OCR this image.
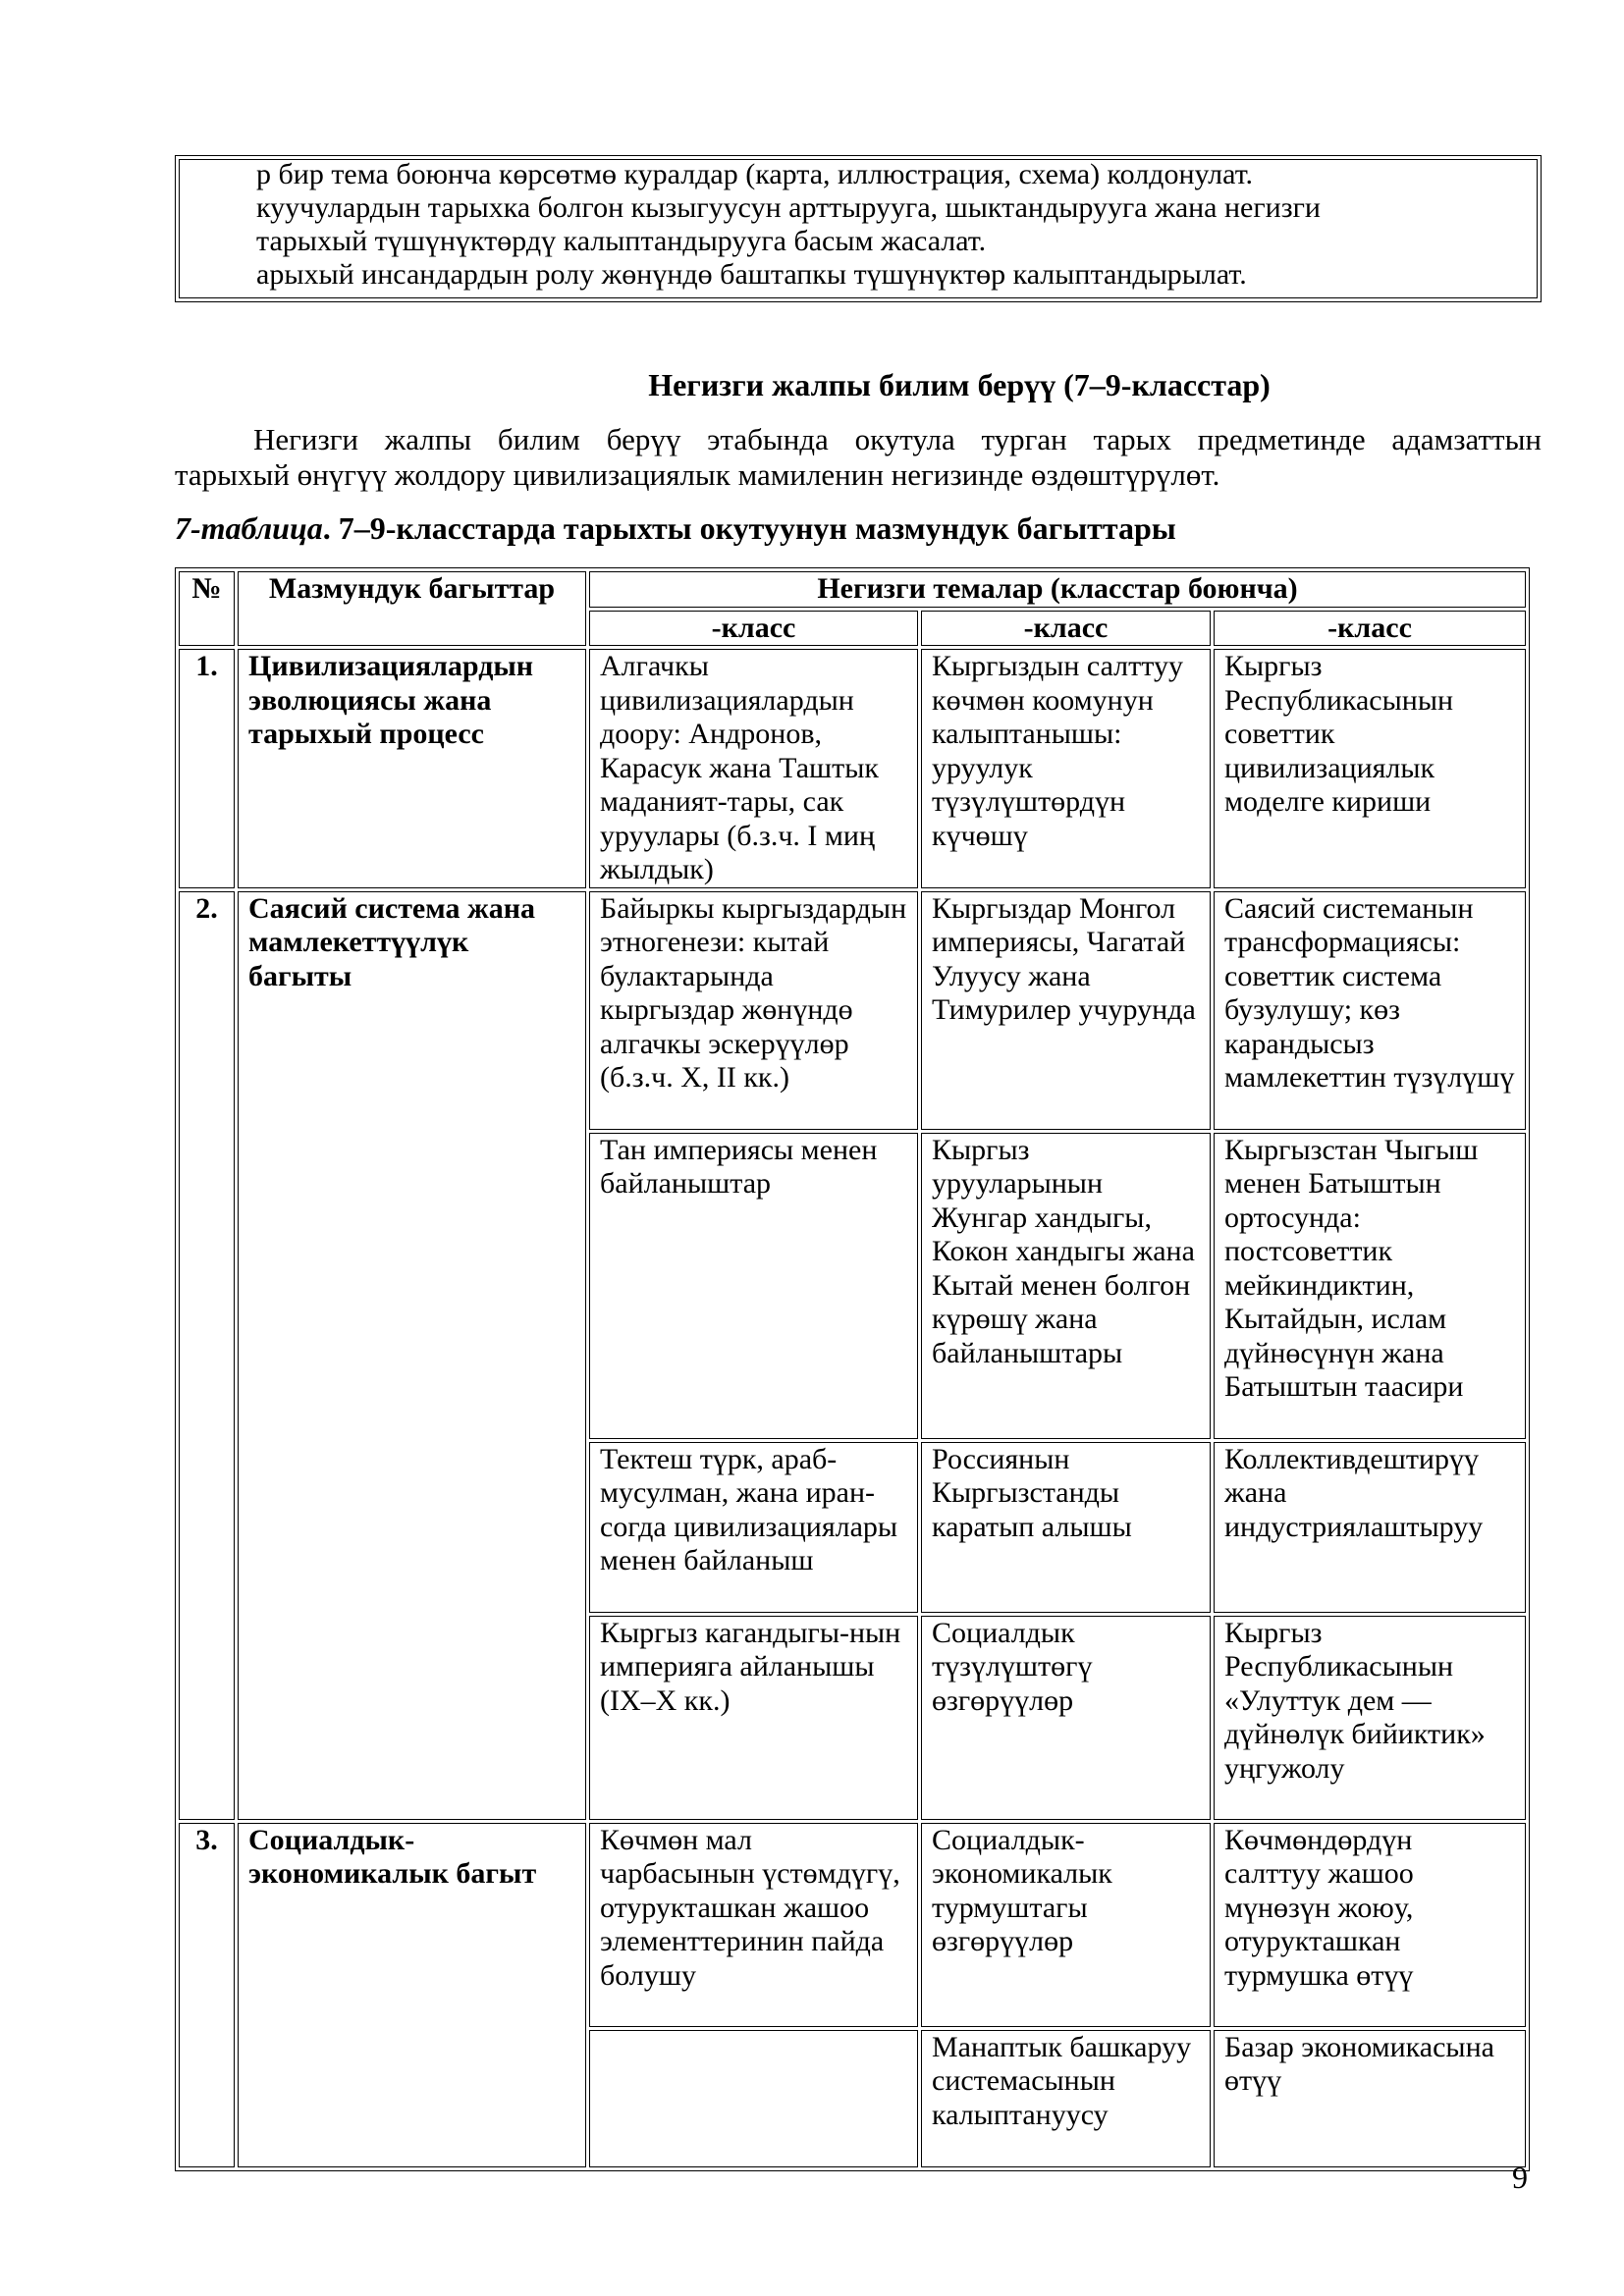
р бир тема боюнча көрсөтмө куралдар (карта, иллюстрация, схема) колдонулат.
куучулардын тарыхка болгон кызыгуусун арттырууга, шыктандырууга жана негизги
тарыхый түшүнүктөрдү калыптандырууга басым жасалат.
арыхый инсандардын ролу жөнүндө баштапкы түшүнүктөр калыптандырылат.
Негизги жалпы билим берүү (7–9-класстар)
Негизги жалпы билим берүү этабында окутула турган тарых предметинде адамзаттын
тарыхый өнүгүү жолдору цивилизациялык мамиленин негизинде өздөштүрүлөт.
7-таблица. 7–9-класстарда тарыхты окутуунун мазмундук багыттары
№	Мазмундук багыттар	Негизги темалар (класстар боюнча)		
		-класс	-класс	-класс
1.	Цивилизациялардын эволюциясы жана тарыхый процесс	Алгачкы цивилизациялардын доору: Андронов, Карасук жана Таштык маданият-тары, сак уруулары (б.з.ч. I миң жылдык)	Кыргыздын салттуу көчмөн коомунун калыптанышы: уруулук түзүлүштөрдүн күчөшү	Кыргыз Республикасынын советтик цивилизациялык моделге кириши
2.	Саясий система жана мамлекеттүүлүк багыты	Байыркы кыргыздардын этногенези: кытай булактарында кыргыздар жөнүндө алгачкы эскерүүлөр (б.з.ч. X, II кк.)	Кыргыздар Монгол империясы, Чагатай Улуусу жана Тимурилер учурунда	Саясий системанын трансформациясы: советтик система бузулушу; көз карандысыз мамлекеттин түзүлүшү
		Тан империясы менен байланыштар	Кыргыз урууларынын Жунгар хандыгы, Кокон хандыгы жана Кытай менен болгон күрөшү жана байланыштары	Кыргызстан Чыгыш менен Батыштын ортосунда: постсоветтик мейкиндиктин, Кытайдын, ислам дүйнөсүнүн жана Батыштын таасири
		Тектеш түрк, араб-мусулман, жана иран-согда цивилизациялары менен байланыш	Россиянын Кыргызстанды каратып алышы	Коллективдештирүү жана индустриялаштыруу
		Кыргыз кагандыгы-нын империяга айланышы (IX–X кк.)	Социалдык түзүлүштөгү өзгөрүүлөр	Кыргыз Республикасынын «Улуттук дем — дүйнөлүк бийиктик» уңгужолу
3.	Социалдык-экономикалык багыт	Көчмөн мал чарбасынын үстөмдүгү, отурукташкан жашоо элементтеринин пайда болушу	Социалдык-экономикалык турмуштагы өзгөрүүлөр	Көчмөндөрдүн салттуу жашоо мүнөзүн жоюу, отурукташкан турмушка өтүү
			Манаптык башкаруу системасынын калыптануусу	Базар экономикасына өтүү
9
